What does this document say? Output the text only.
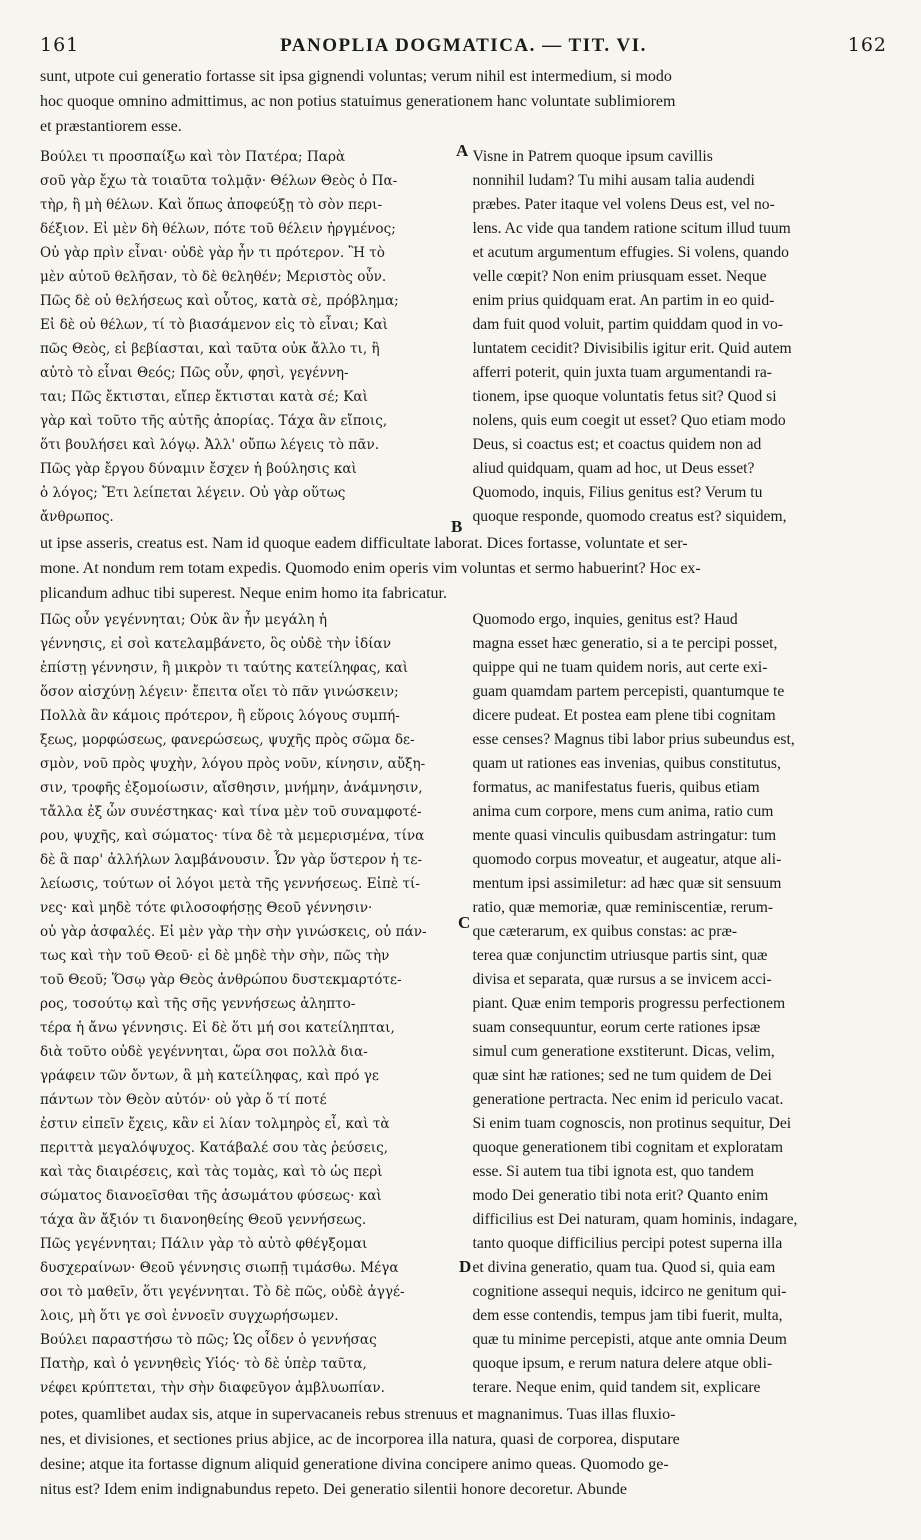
161	PANOPLIA DOGMATICA. — TIT. VI.	162
sunt, utpote cui generatio fortasse sit ipsa gignendi voluntas; verum nihil est intermedium, si modo
hoc quoque omnino admittimus, ac non potius statuimus generationem hanc voluntate sublimiorem
et præstantiorem esse.
Βούλει τι προσπαίξω καὶ τὸν Πατέρα; Παρὰ
σοῦ γὰρ ἔχω τὰ τοιαῦτα τολμᾷν· Θέλων Θεὸς ὁ Πα-
τὴρ, ἢ μὴ θέλων. Καὶ ὅπως ἀποφεύξῃ τὸ σὸν περι-
δέξιον. Εἰ μὲν δὴ θέλων, πότε τοῦ θέλειν ἠργμένος;
Οὐ γὰρ πρὶν εἶναι· οὐδὲ γὰρ ἦν τι πρότερον. Ἢ τὸ
μὲν αὐτοῦ θελῆσαν, τὸ δὲ θεληθέν; Μεριστὸς οὖν.
Πῶς δὲ οὐ θελήσεως καὶ οὗτος, κατὰ σὲ, πρόβλημα;
Εἰ δὲ οὐ θέλων, τί τὸ βιασάμενον εἰς τὸ εἶναι; Καὶ
πῶς Θεὸς, εἰ βεβίασται, καὶ ταῦτα οὐκ ἄλλο τι, ἢ
αὐτὸ τὸ εἶναι Θεός; Πῶς οὖν, φησὶ, γεγέννη-
ται; Πῶς ἔκτισται, εἴπερ ἔκτισται κατὰ σέ; Καὶ
γὰρ καὶ τοῦτο τῆς αὐτῆς ἀπορίας. Τάχα ἂν εἴποις,
ὅτι βουλήσει καὶ λόγῳ. Ἀλλ' οὔπω λέγεις τὸ πᾶν.
Πῶς γὰρ ἔργου δύναμιν ἔσχεν ἡ βούλησις καὶ
ὁ λόγος; Ἔτι λείπεται λέγειν. Οὐ γὰρ οὕτως
ἄνθρωπος.
Visne in Patrem quoque ipsum cavillis
nonnihil ludam? Tu mihi ausam talia audendi
præbes. Pater itaque vel volens Deus est, vel no-
lens. Ac vide qua tandem ratione scitum illud tuum
et acutum argumentum effugies. Si volens, quando
velle cœpit? Non enim priusquam esset. Neque
enim prius quidquam erat. An partim in eo quid-
dam fuit quod voluit, partim quiddam quod in vo-
luntatem cecidit? Divisibilis igitur erit. Quid autem
afferri poterit, quin juxta tuam argumentandi ra-
tionem, ipse quoque voluntatis fetus sit? Quod si
nolens, quis eum coegit ut esset? Quo etiam modo
Deus, si coactus est; et coactus quidem non ad
aliud quidquam, quam ad hoc, ut Deus esset?
Quomodo, inquis, Filius genitus est? Verum tu
quoque responde, quomodo creatus est? siquidem,
ut ipse asseris, creatus est. Nam id quoque eadem difficultate laborat. Dices fortasse, voluntate et ser-
mone. At nondum rem totam expedis. Quomodo enim operis vim voluntas et sermo habuerint? Hoc ex-
plicandum adhuc tibi superest. Neque enim homo ita fabricatur.
Πῶς οὖν γεγέννηται; Οὐκ ἂν ἦν μεγάλη ἡ
γέννησις, εἰ σοὶ κατελαμβάνετο, ὃς οὐδὲ τὴν ἰδίαν
ἐπίστῃ γέννησιν, ἢ μικρὸν τι ταύτης κατείληφας, καὶ
ὅσον αἰσχύνῃ λέγειν· ἔπειτα οἴει τὸ πᾶν γινώσκειν;
Πολλὰ ἂν κάμοις πρότερον, ἢ εὕροις λόγους συμπή-
ξεως, μορφώσεως, φανερώσεως, ψυχῆς πρὸς σῶμα δε-
σμὸν, νοῦ πρὸς ψυχὴν, λόγου πρὸς νοῦν, κίνησιν, αὔξη-
σιν, τροφῆς ἐξομοίωσιν, αἴσθησιν, μνήμην, ἀνάμνησιν,
τἄλλα ἐξ ὧν συνέστηκας· καὶ τίνα μὲν τοῦ συναμφοτέ-
ρου, ψυχῆς, καὶ σώματος· τίνα δὲ τὰ μεμερισμένα, τίνα
δὲ ἃ παρ' ἀλλήλων λαμβάνουσιν. Ὧν γὰρ ὕστερον ἡ τε-
λείωσις, τούτων οἱ λόγοι μετὰ τῆς γεννήσεως. Εἰπὲ τί-
νες· καὶ μηδὲ τότε φιλοσοφήσῃς Θεοῦ γέννησιν·
οὐ γὰρ ἀσφαλές. Εἰ μὲν γὰρ τὴν σὴν γινώσκεις, οὐ πάν-
τως καὶ τὴν τοῦ Θεοῦ· εἰ δὲ μηδὲ τὴν σὴν, πῶς τὴν
τοῦ Θεοῦ; Ὅσῳ γὰρ Θεὸς ἀνθρώπου δυστεκμαρτότε-
ρος, τοσούτῳ καὶ τῆς σῆς γεννήσεως ἀληπτο-
τέρα ἡ ἄνω γέννησις. Εἰ δὲ ὅτι μή σοι κατείληπται,
διὰ τοῦτο οὐδὲ γεγέννηται, ὥρα σοι πολλὰ δια-
γράφειν τῶν ὄντων, ἃ μὴ κατείληφας, καὶ πρό γε
πάντων τὸν Θεὸν αὐτόν· οὐ γὰρ ὅ τί ποτέ
ἐστιν εἰπεῖν ἔχεις, κἂν εἰ λίαν τολμηρὸς εἶ, καὶ τὰ
περιττὰ μεγαλόψυχος. Κατάβαλέ σου τὰς ῥεύσεις,
καὶ τὰς διαιρέσεις, καὶ τὰς τομὰς, καὶ τὸ ὡς περὶ
σώματος διανοεῖσθαι τῆς ἀσωμάτου φύσεως· καὶ
τάχα ἂν ἄξιόν τι διανοηθείης Θεοῦ γεννήσεως.
Πῶς γεγέννηται; Πάλιν γὰρ τὸ αὐτὸ φθέγξομαι
δυσχεραίνων· Θεοῦ γέννησις σιωπῇ τιμάσθω. Μέγα
σοι τὸ μαθεῖν, ὅτι γεγέννηται. Τὸ δὲ πῶς, οὐδὲ ἀγγέ-
λοις, μὴ ὅτι γε σοὶ ἐννοεῖν συγχωρήσωμεν.
Βούλει παραστήσω τὸ πῶς; Ὡς οἶδεν ὁ γεννήσας
Πατὴρ, καὶ ὁ γεννηθεὶς Υἱός· τὸ δὲ ὑπὲρ ταῦτα,
νέφει κρύπτεται, τὴν σὴν διαφεῦγον ἀμβλυωπίαν.
Quomodo ergo, inquies, genitus est? Haud
magna esset hæc generatio, si a te percipi posset,
quippe qui ne tuam quidem noris, aut certe exi-
guam quamdam partem percepisti, quantumque te
dicere pudeat. Et postea eam plene tibi cognitam
esse censes? Magnus tibi labor prius subeundus est,
quam ut rationes eas invenias, quibus constitutus,
formatus, ac manifestatus fueris, quibus etiam
anima cum corpore, mens cum anima, ratio cum
mente quasi vinculis quibusdam astringatur: tum
quomodo corpus moveatur, et augeatur, atque ali-
mentum ipsi assimiletur: ad hæc quæ sit sensuum
ratio, quæ memoriæ, quæ reminiscentiæ, rerum-
que cæterarum, ex quibus constas: ac præ-
terea quæ conjunctim utriusque partis sint, quæ
divisa et separata, quæ rursus a se invicem acci-
piant. Quæ enim temporis progressu perfectionem
suam consequuntur, eorum certe rationes ipsæ
simul cum generatione exstiterunt. Dicas, velim,
quæ sint hæ rationes; sed ne tum quidem de Dei
generatione pertracta. Nec enim id periculo vacat.
Si enim tuam cognoscis, non protinus sequitur, Dei
quoque generationem tibi cognitam et exploratam
esse. Si autem tua tibi ignota est, quo tandem
modo Dei generatio tibi nota erit? Quanto enim
difficilius est Dei naturam, quam hominis, indagare,
tanto quoque difficilius percipi potest superna illa
et divina generatio, quam tua. Quod si, quia eam
cognitione assequi nequis, idcirco ne genitum qui-
dem esse contendis, tempus jam tibi fuerit, multa,
quæ tu minime percepisti, atque ante omnia Deum
quoque ipsum, e rerum natura delere atque obli-
terare. Neque enim, quid tandem sit, explicare
potes, quamlibet audax sis, atque in supervacaneis rebus strenuus et magnanimus. Tuas illas fluxio-
nes, et divisiones, et sectiones prius abjice, ac de incorporea illa natura, quasi de corporea, disputare
desine; atque ita fortasse dignum aliquid generatione divina concipere animo queas. Quomodo ge-
nitus est? Idem enim indignabundus repeto. Dei generatio silentii honore decoretur. Abunde
A
B
C
D
